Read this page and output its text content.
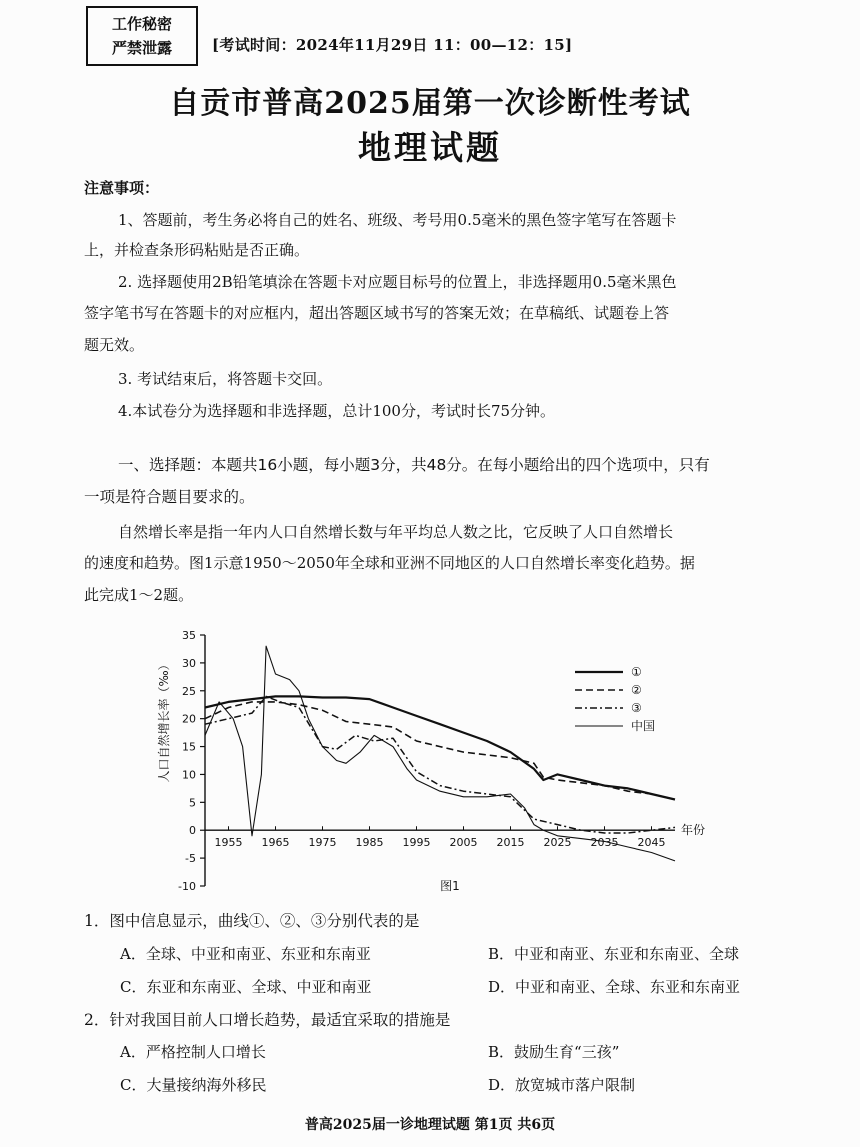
工作秘密
严禁泄露	[考试时间：2024年11月29日 11：00—12：15]
自贡市普高2025届第一次诊断性考试
地理试题
注意事项：
1、答题前，考生务必将自己的姓名、班级、考号用0.5毫米的黑色签字笔写在答题卡
上，并检查条形码粘贴是否正确。
2. 选择题使用2B铅笔填涂在答题卡对应题目标号的位置上，非选择题用0.5毫米黑色
签字笔书写在答题卡的对应框内，超出答题区域书写的答案无效；在草稿纸、试题卷上答
题无效。
3. 考试结束后，将答题卡交回。
4.本试卷分为选择题和非选择题，总计100分，考试时长75分钟。
一、选择题：本题共16小题，每小题3分，共48分。在每小题给出的四个选项中，只有
一项是符合题目要求的。
自然增长率是指一年内人口自然增长数与年平均总人数之比，它反映了人口自然增长
的速度和趋势。图1示意1950～2050年全球和亚洲不同地区的人口自然增长率变化趋势。据
此完成1～2题。
35
30
25
20
15
10
5
0
-5
-10
1955 1965 1975 1985 1995 2005 2015 2025 2035 2045
年份
人口自然增长率（‰）	①
②
③
中国
图1
1．图中信息显示，曲线①、②、③分别代表的是
A．全球、中亚和南亚、东亚和东南亚	B．中亚和南亚、东亚和东南亚、全球
C．东亚和东南亚、全球、中亚和南亚	D．中亚和南亚、全球、东亚和东南亚
2．针对我国目前人口增长趋势，最适宜采取的措施是
A．严格控制人口增长	B．鼓励生育“三孩”
C．大量接纳海外移民	D．放宽城市落户限制
普高2025届一诊地理试题 第1页 共6页
